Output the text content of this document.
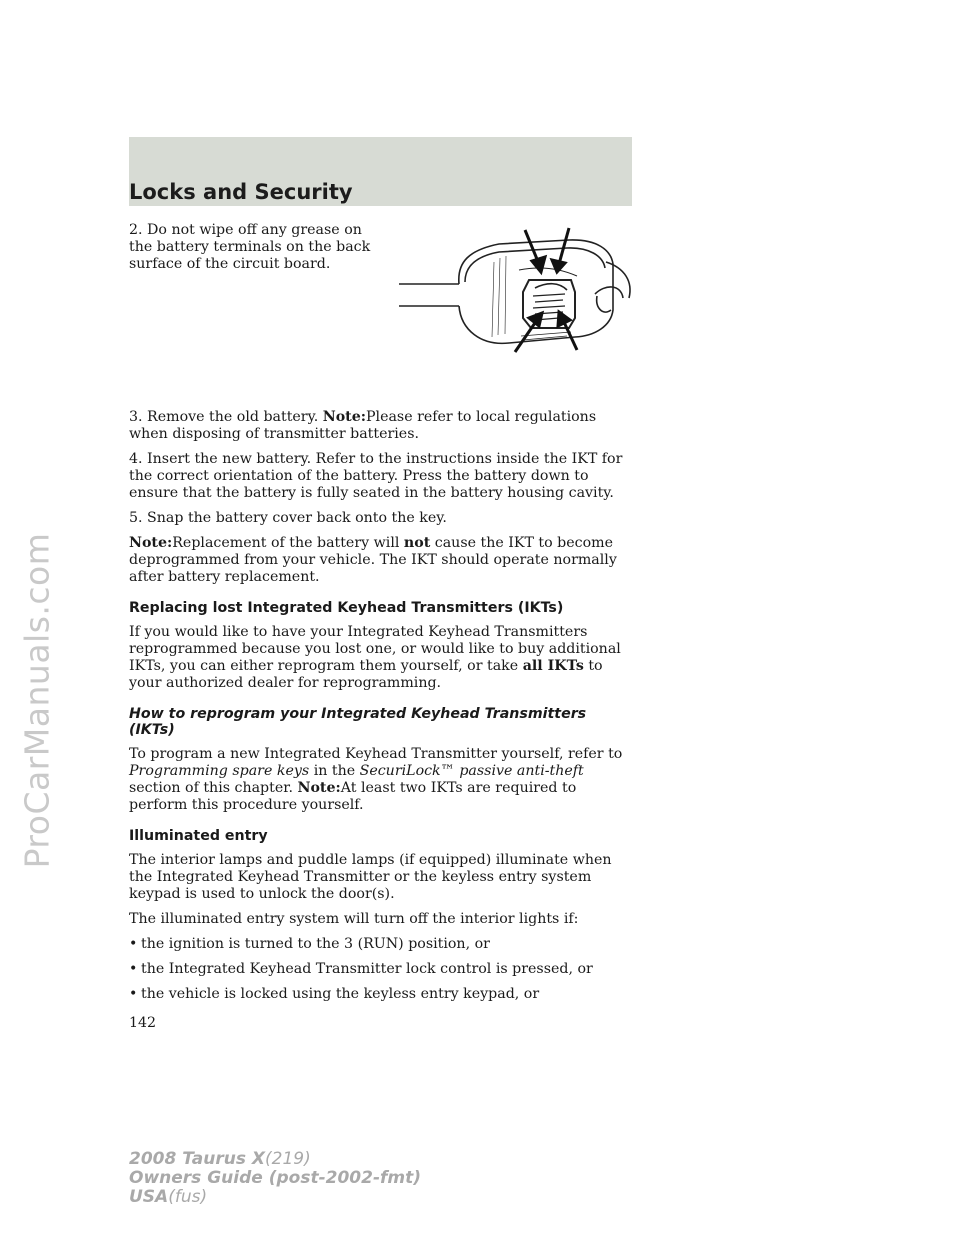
ProCarManuals.com
Locks and Security

2. Do not wipe off any grease on the battery terminals on the back surface of the circuit board.

3. Remove the old battery. Note:Please refer to local regulations when disposing of transmitter batteries.

4. Insert the new battery. Refer to the instructions inside the IKT for the correct orientation of the battery. Press the battery down to ensure that the battery is fully seated in the battery housing cavity.

5. Snap the battery cover back onto the key.

Note:Replacement of the battery will not cause the IKT to become deprogrammed from your vehicle. The IKT should operate normally after battery replacement.

Replacing lost Integrated Keyhead Transmitters (IKTs)

If you would like to have your Integrated Keyhead Transmitters reprogrammed because you lost one, or would like to buy additional IKTs, you can either reprogram them yourself, or take all IKTs to your authorized dealer for reprogramming.

How to reprogram your Integrated Keyhead Transmitters (IKTs)

To program a new Integrated Keyhead Transmitter yourself, refer to Programming spare keys in the SecuriLock™ passive anti-theft section of this chapter. Note:At least two IKTs are required to perform this procedure yourself.

Illuminated entry

The interior lamps and puddle lamps (if equipped) illuminate when the Integrated Keyhead Transmitter or the keyless entry system keypad is used to unlock the door(s).

The illuminated entry system will turn off the interior lights if:

• the ignition is turned to the 3 (RUN) position, or
• the Integrated Keyhead Transmitter lock control is pressed, or
• the vehicle is locked using the keyless entry keypad, or
142
2008 Taurus X(219)
Owners Guide (post-2002-fmt)
USA(fus)
